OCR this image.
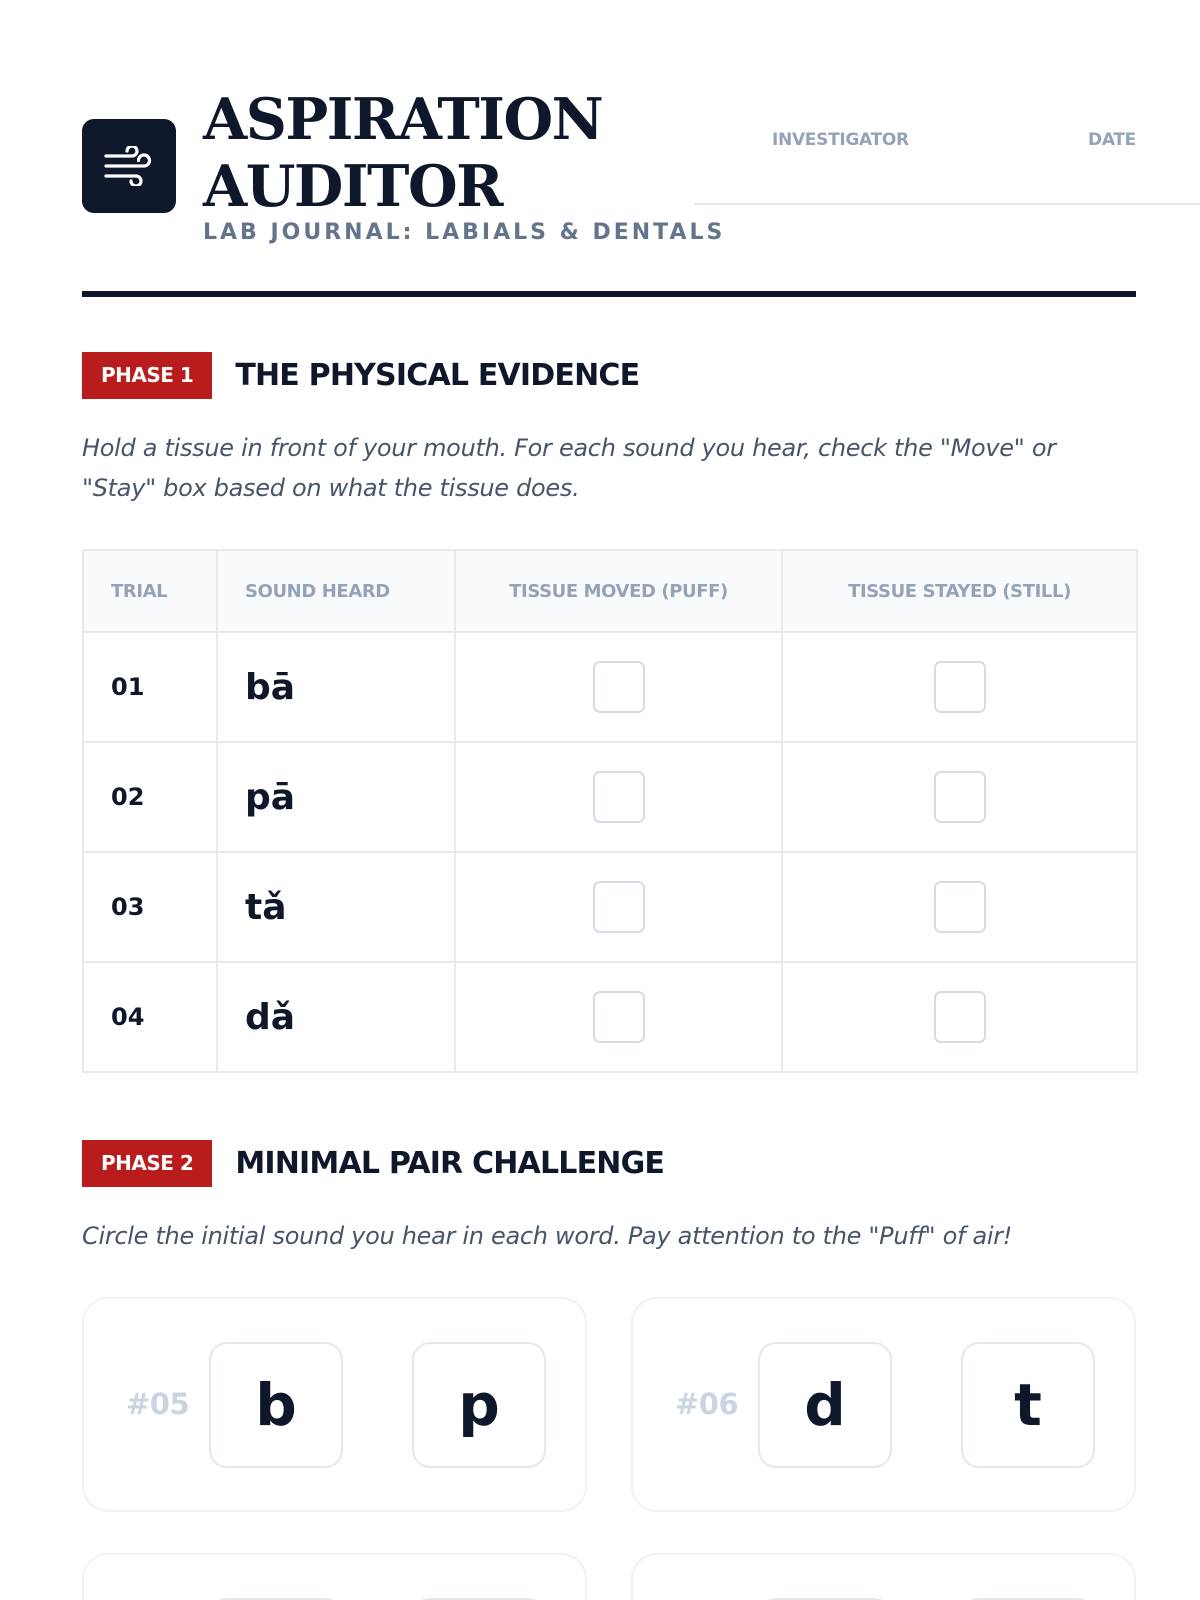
ASPIRATION
AUDITOR
LAB JOURNAL: LABIALS & DENTALS
INVESTIGATOR	DATE
PHASE 1	THE PHYSICAL EVIDENCE
Hold a tissue in front of your mouth. For each sound you hear, check the "Move" or "Stay" box based on what the tissue does.
TRIAL	SOUND HEARD	TISSUE MOVED (PUFF)	TISSUE STAYED (STILL)
01	bā		
02	pā		
03	tǎ		
04	dǎ		
PHASE 2	MINIMAL PAIR CHALLENGE
Circle the initial sound you hear in each word. Pay attention to the "Puff" of air!
#05	b	p	#06	d	t
